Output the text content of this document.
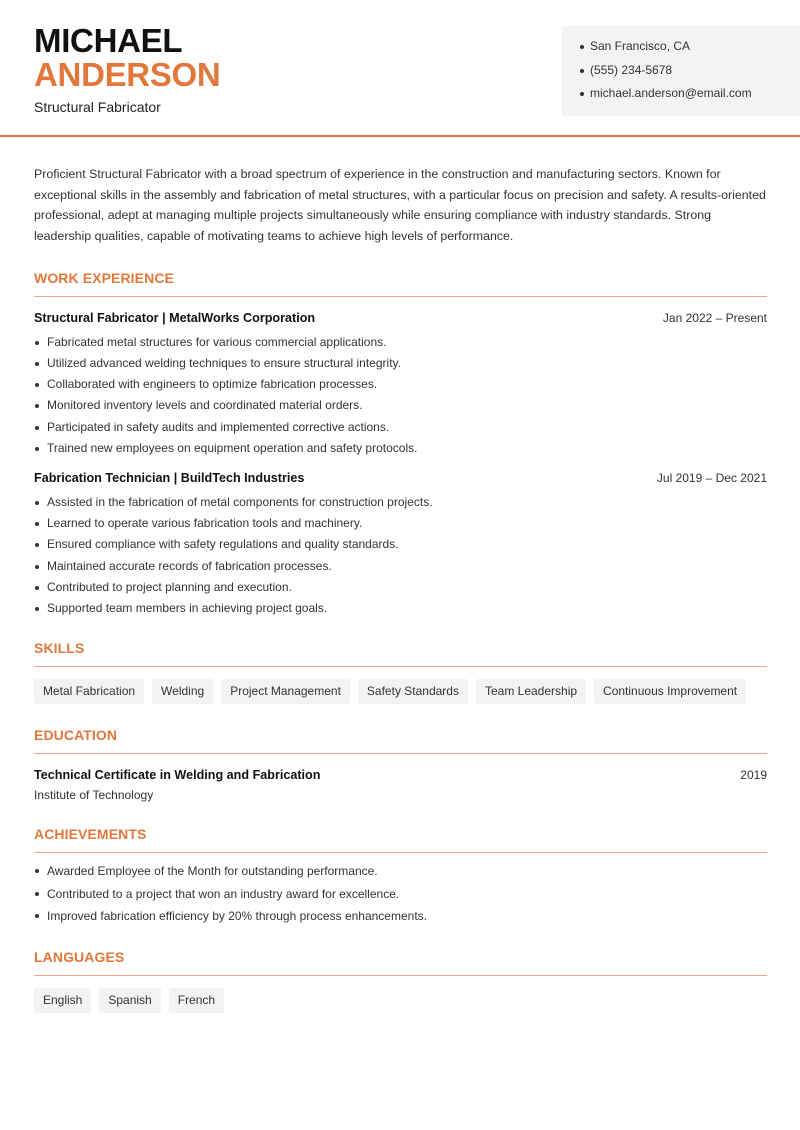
MICHAEL
ANDERSON
Structural Fabricator
San Francisco, CA
(555) 234-5678
michael.anderson@email.com

Proficient Structural Fabricator with a broad spectrum of experience in the construction and manufacturing sectors. Known for exceptional skills in the assembly and fabrication of metal structures, with a particular focus on precision and safety. A results-oriented professional, adept at managing multiple projects simultaneously while ensuring compliance with industry standards. Strong leadership qualities, capable of motivating teams to achieve high levels of performance.

WORK EXPERIENCE
Structural Fabricator | MetalWorks Corporation	Jan 2022 – Present
Fabricated metal structures for various commercial applications.
Utilized advanced welding techniques to ensure structural integrity.
Collaborated with engineers to optimize fabrication processes.
Monitored inventory levels and coordinated material orders.
Participated in safety audits and implemented corrective actions.
Trained new employees on equipment operation and safety protocols.
Fabrication Technician | BuildTech Industries	Jul 2019 – Dec 2021
Assisted in the fabrication of metal components for construction projects.
Learned to operate various fabrication tools and machinery.
Ensured compliance with safety regulations and quality standards.
Maintained accurate records of fabrication processes.
Contributed to project planning and execution.
Supported team members in achieving project goals.
SKILLS
Metal Fabrication	Welding	Project Management	Safety Standards	Team Leadership	Continuous Improvement
EDUCATION
Technical Certificate in Welding and Fabrication	2019
Institute of Technology
ACHIEVEMENTS
Awarded Employee of the Month for outstanding performance.
Contributed to a project that won an industry award for excellence.
Improved fabrication efficiency by 20% through process enhancements.
LANGUAGES
English	Spanish	French
